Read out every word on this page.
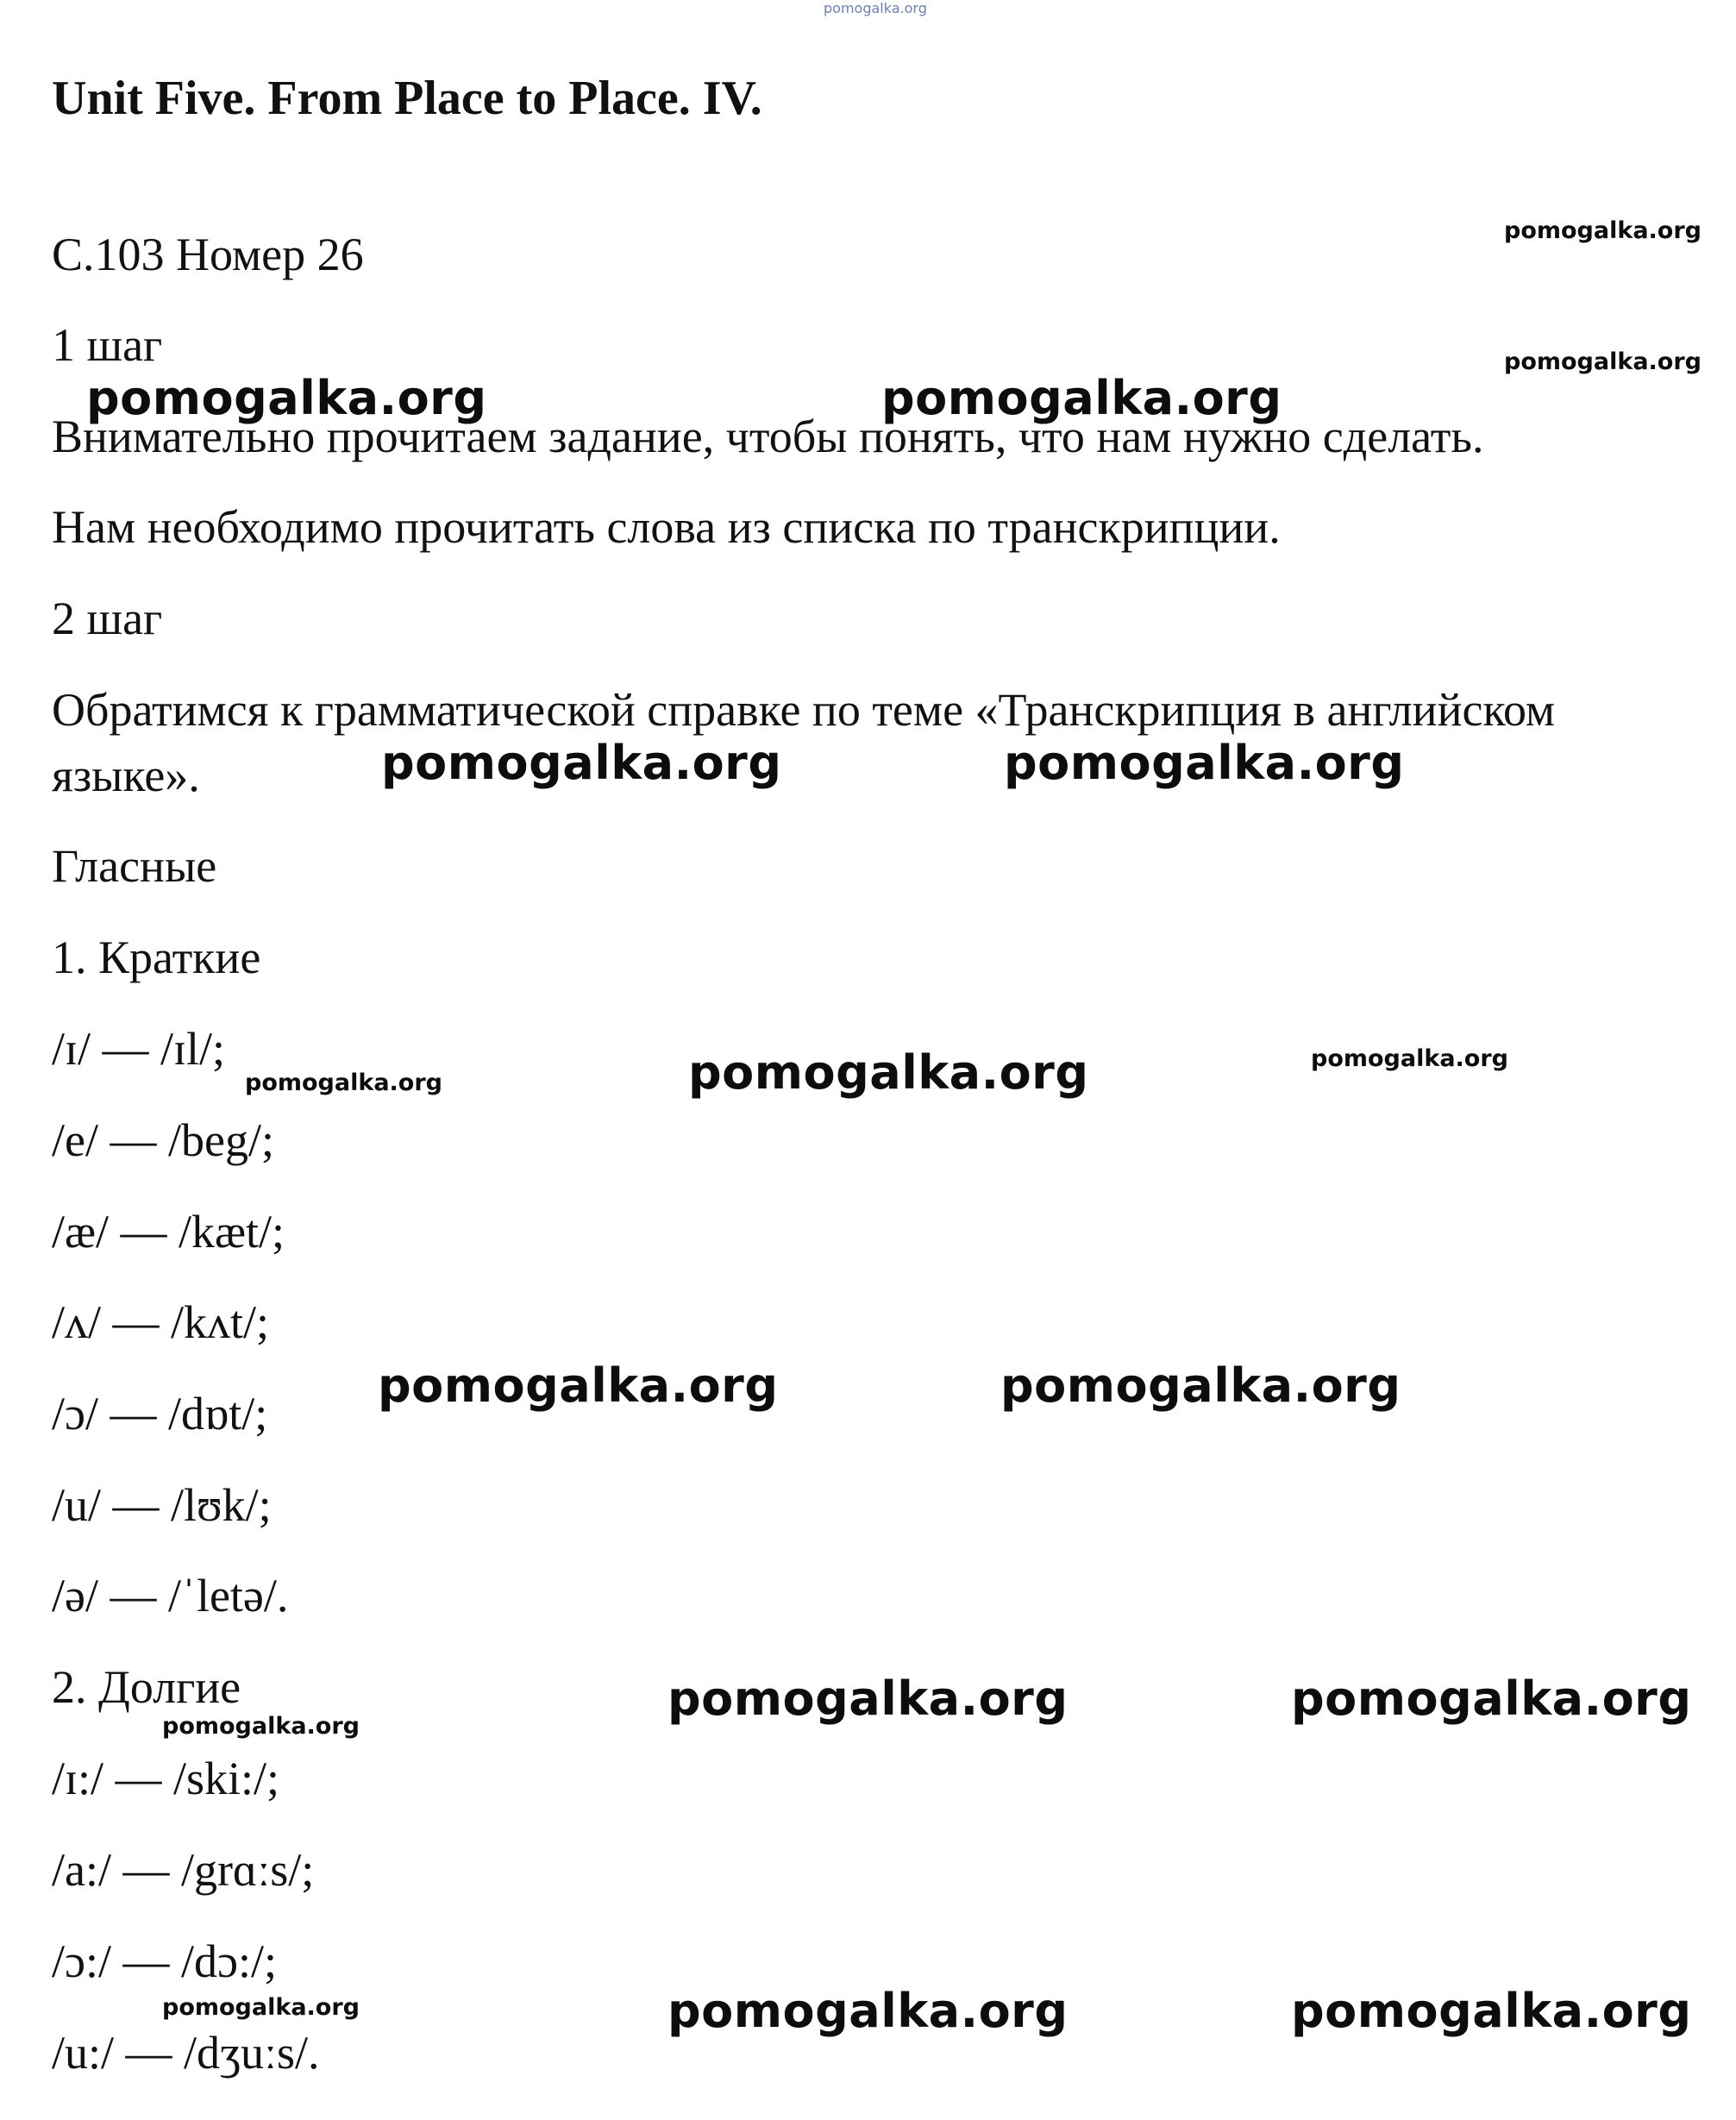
pomogalka.org
Unit Five. From Place to Place. IV.
С.103 Номер 26
1 шаг
Внимательно прочитаем задание, чтобы понять, что нам нужно сделать.
Нам необходимо прочитать слова из списка по транскрипции.
2 шаг
Обратимся к грамматической справке по теме «Транскрипция в английском
языке».
Гласные
1. Краткие
/ɪ/ — /ɪl/;
/e/ — /beg/;
/æ/ — /kæt/;
/ʌ/ — /kʌt/;
/ɔ/ — /dɒt/;
/u/ — /lʊk/;
/ə/ — /ˈletə/.
2. Долгие
/ɪ:/ — /ski:/;
/a:/ — /grɑːs/;
/ɔ:/ — /dɔ:/;
/u:/ — /dʒuːs/.
pomogalka.org
pomogalka.org
pomogalka.org	pomogalka.org
pomogalka.org	pomogalka.org
pomogalka.org	pomogalka.org	pomogalka.org
pomogalka.org	pomogalka.org
pomogalka.org	pomogalka.org
pomogalka.org
pomogalka.org	pomogalka.org	pomogalka.org
